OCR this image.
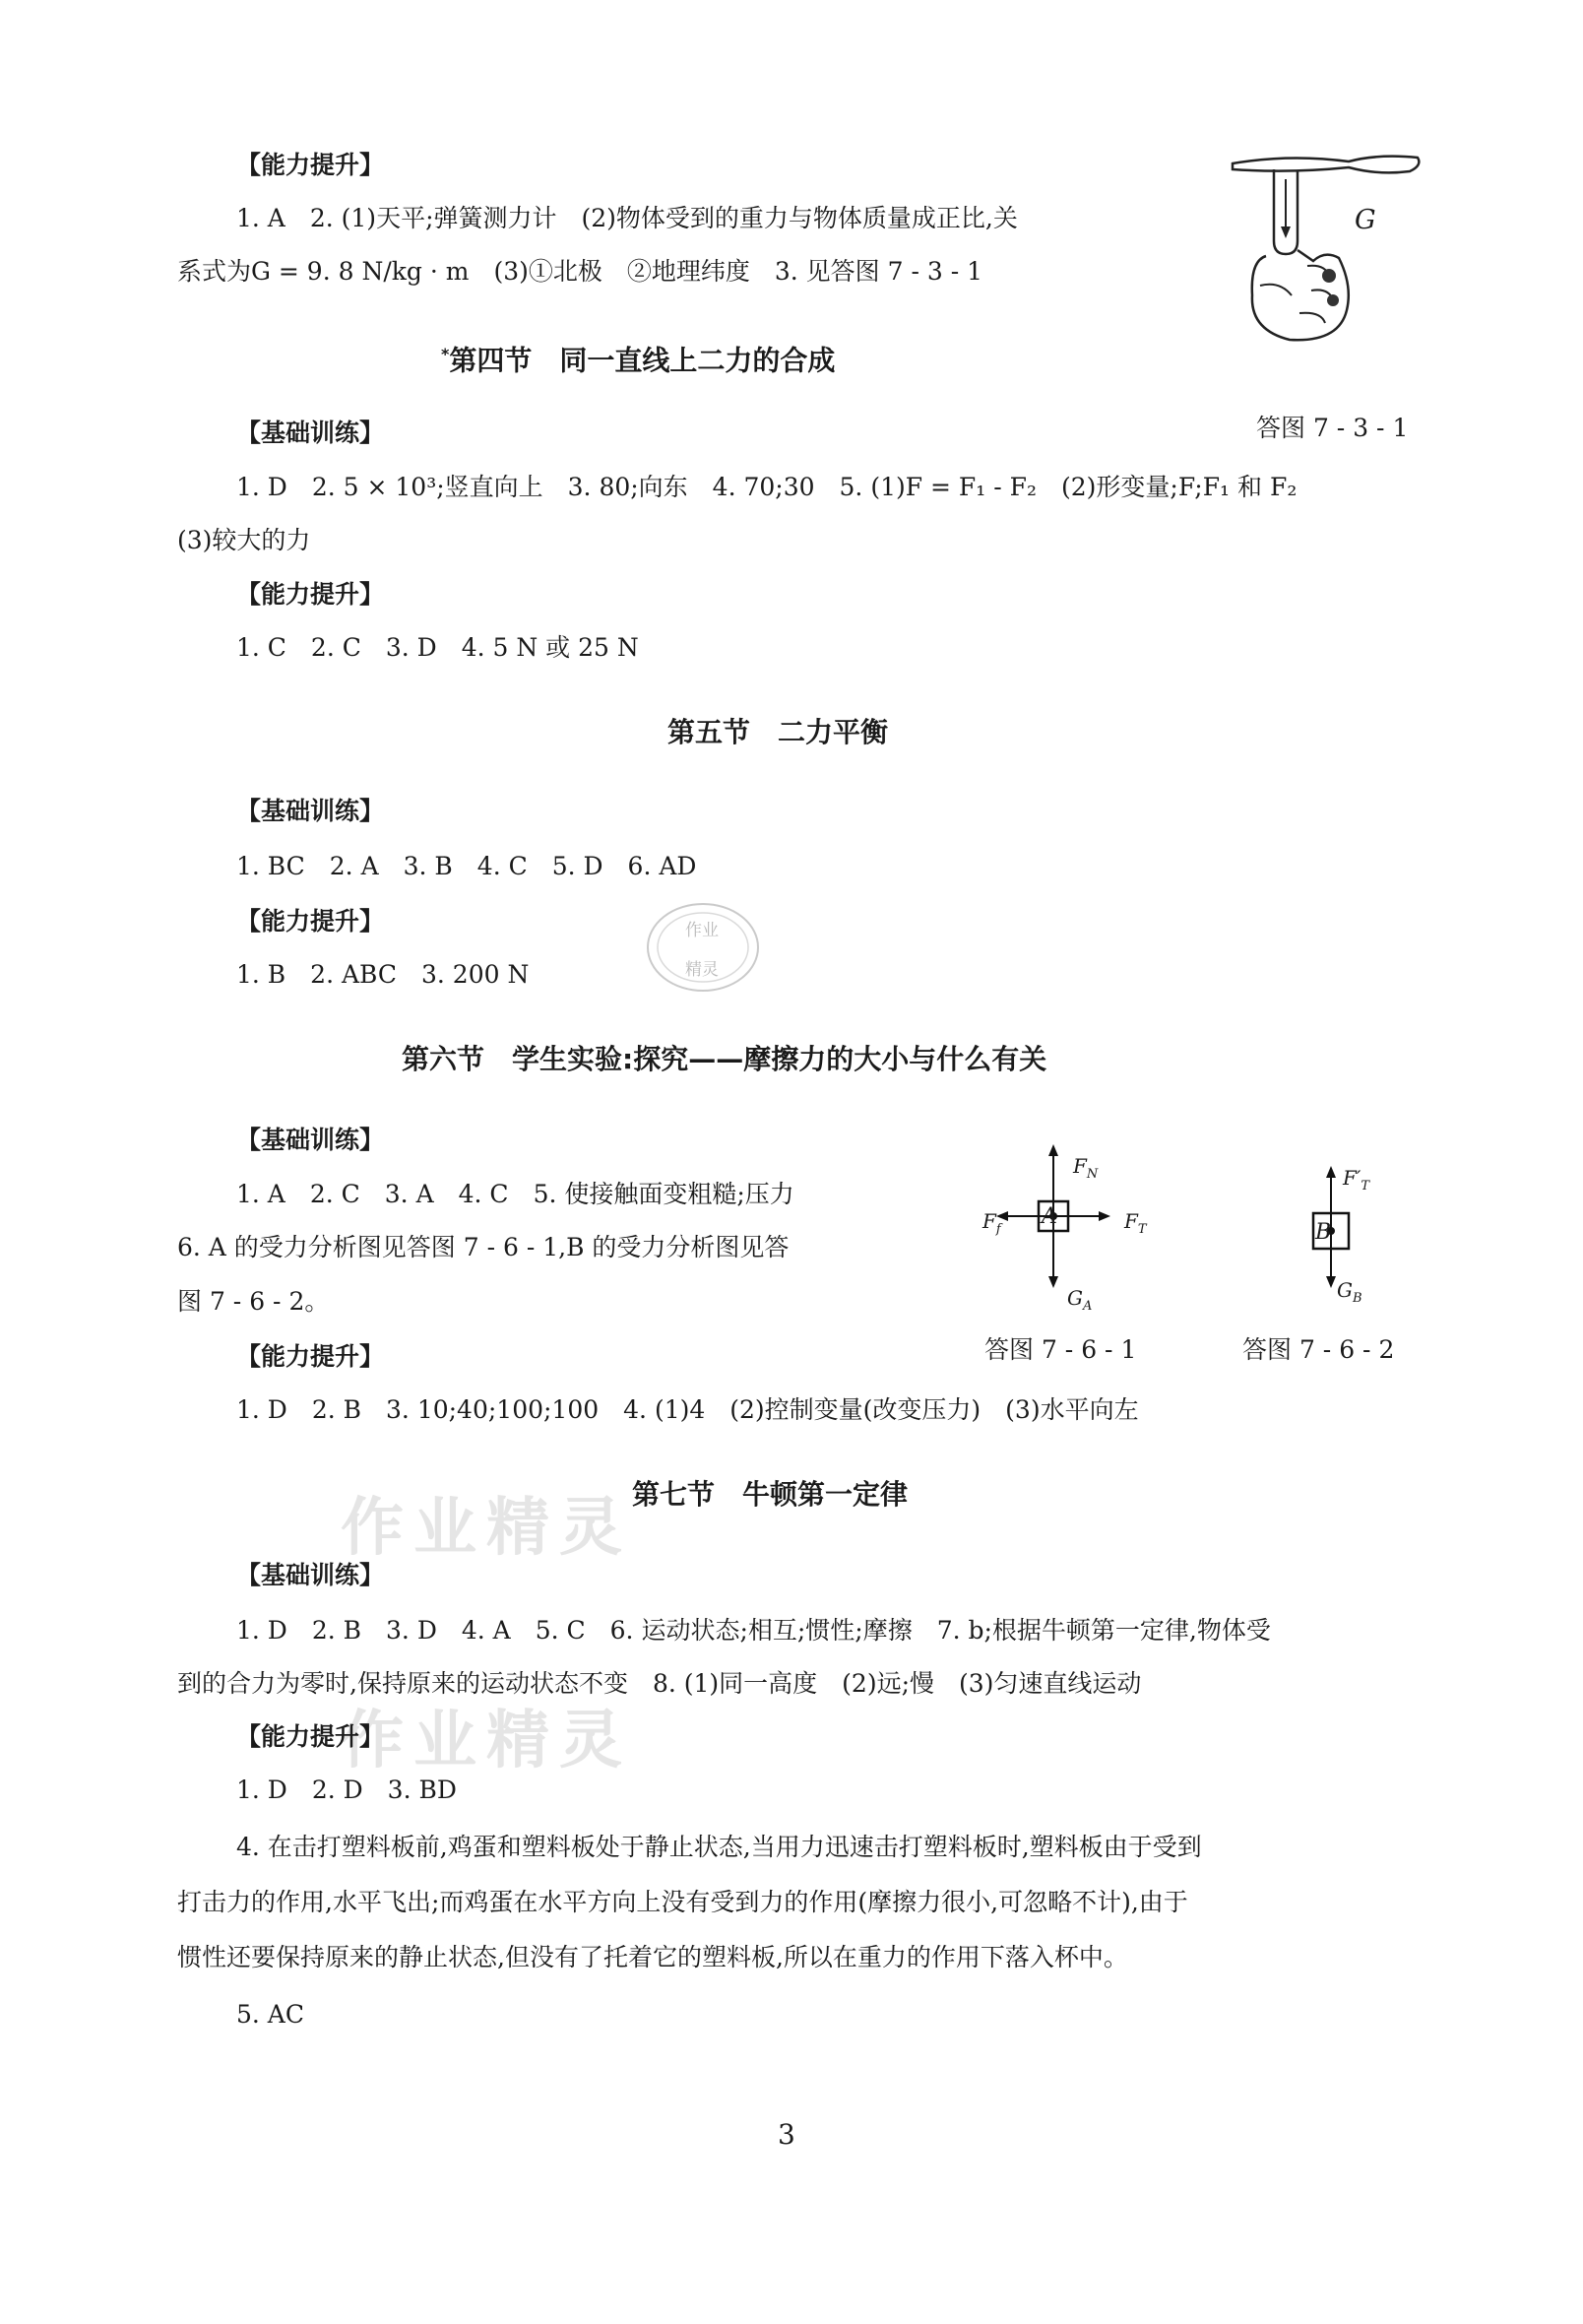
【能力提升】
1. A　2. (1)天平;弹簧测力计　(2)物体受到的重力与物体质量成正比,关
系式为G = 9. 8 N/kg · m　(3)①北极　②地理纬度　3. 见答图 7 - 3 - 1
G
答图 7 - 3 - 1
*第四节　同一直线上二力的合成
【基础训练】
1. D　2. 5 × 10³;竖直向上　3. 80;向东　4. 70;30　5. (1)F = F₁ - F₂　(2)形变量;F;F₁ 和 F₂
(3)较大的力
【能力提升】
1. C　2. C　3. D　4. 5 N 或 25 N
第五节　二力平衡
【基础训练】
1. BC　2. A　3. B　4. C　5. D　6. AD
【能力提升】
1. B　2. ABC　3. 200 N
作业
精灵
第六节　学生实验:探究——摩擦力的大小与什么有关
【基础训练】
1. A　2. C　3. A　4. C　5. 使接触面变粗糙;压力
6. A 的受力分析图见答图 7 - 6 - 1,B 的受力分析图见答
图 7 - 6 - 2。
【能力提升】
1. D　2. B　3. 10;40;100;100　4. (1)4　(2)控制变量(改变压力)　(3)水平向左
A
$F_N$
$F_f$	$F_T$
$G_A$
答图 7 - 6 - 1
B
$F'_T$
$G_B$
答图 7 - 6 - 2
第七节　牛顿第一定律
作业精灵
作业精灵
【基础训练】
1. D　2. B　3. D　4. A　5. C　6. 运动状态;相互;惯性;摩擦　7. b;根据牛顿第一定律,物体受
到的合力为零时,保持原来的运动状态不变　8. (1)同一高度　(2)远;慢　(3)匀速直线运动
【能力提升】
1. D　2. D　3. BD
4. 在击打塑料板前,鸡蛋和塑料板处于静止状态,当用力迅速击打塑料板时,塑料板由于受到
打击力的作用,水平飞出;而鸡蛋在水平方向上没有受到力的作用(摩擦力很小,可忽略不计),由于
惯性还要保持原来的静止状态,但没有了托着它的塑料板,所以在重力的作用下落入杯中。
5. AC
3
